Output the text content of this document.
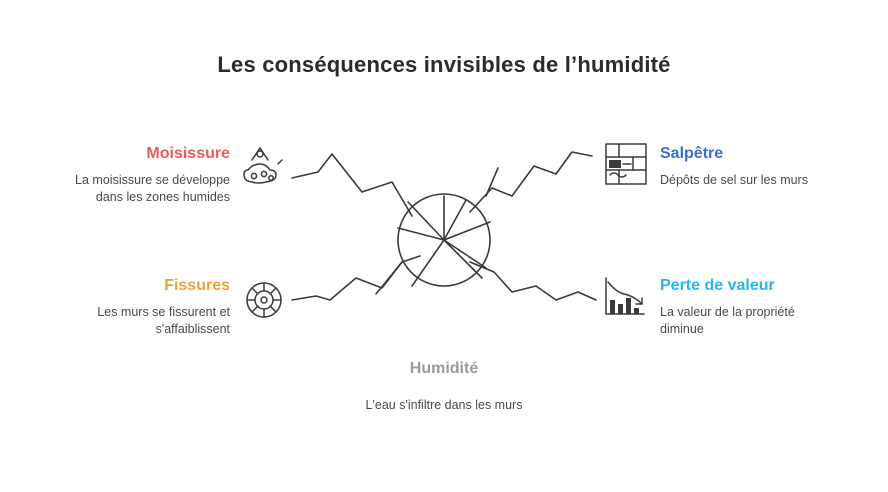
Les conséquences invisibles de l’humidité
Moisissure
La moisissure se développe dans les zones humides
Fissures
Les murs se fissurent et s'affaiblissent
Salpêtre
Dépôts de sel sur les murs
Perte de valeur
La valeur de la propriété diminue
Humidité
L'eau s'infiltre dans les murs
